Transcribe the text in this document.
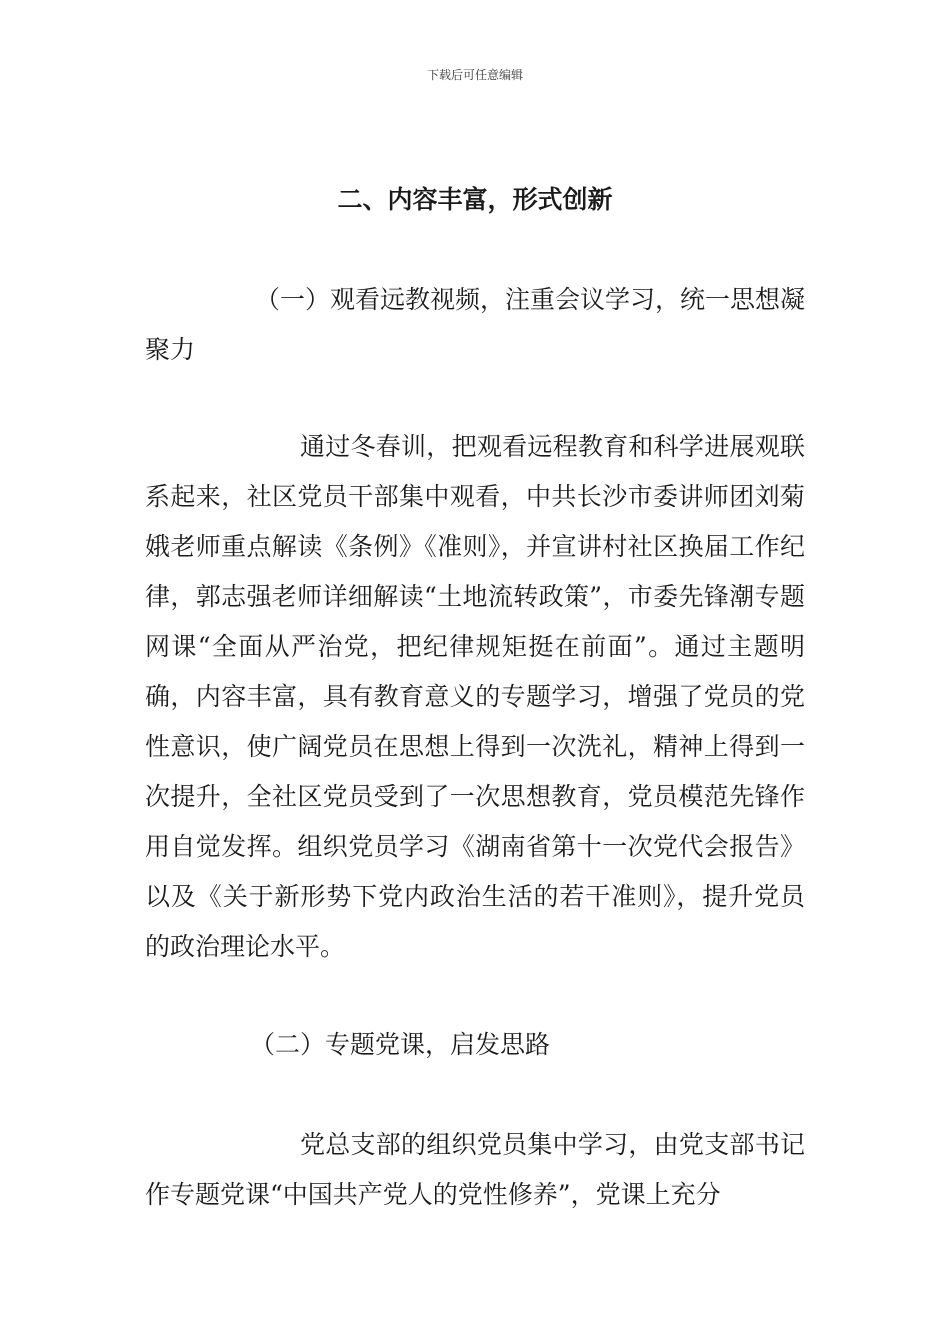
下载后可任意编辑
二、内容丰富，形式创新

（一）观看远教视频，注重会议学习，统一思想凝聚力

通过冬春训，把观看远程教育和科学进展观联系起来，社区党员干部集中观看，中共长沙市委讲师团刘菊娥老师重点解读《条例》《准则》，并宣讲村社区换届工作纪律，郭志强老师详细解读“土地流转政策”，市委先锋潮专题网课“全面从严治党，把纪律规矩挺在前面”。通过主题明确，内容丰富，具有教育意义的专题学习，增强了党员的党性意识，使广阔党员在思想上得到一次洗礼，精神上得到一次提升，全社区党员受到了一次思想教育，党员模范先锋作用自觉发挥。组织党员学习《湖南省第十一次党代会报告》以及《关于新形势下党内政治生活的若干准则》，提升党员的政治理论水平。

（二）专题党课，启发思路

党总支部的组织党员集中学习，由党支部书记作专题党课“中国共产党人的党性修养”，党课上充分
